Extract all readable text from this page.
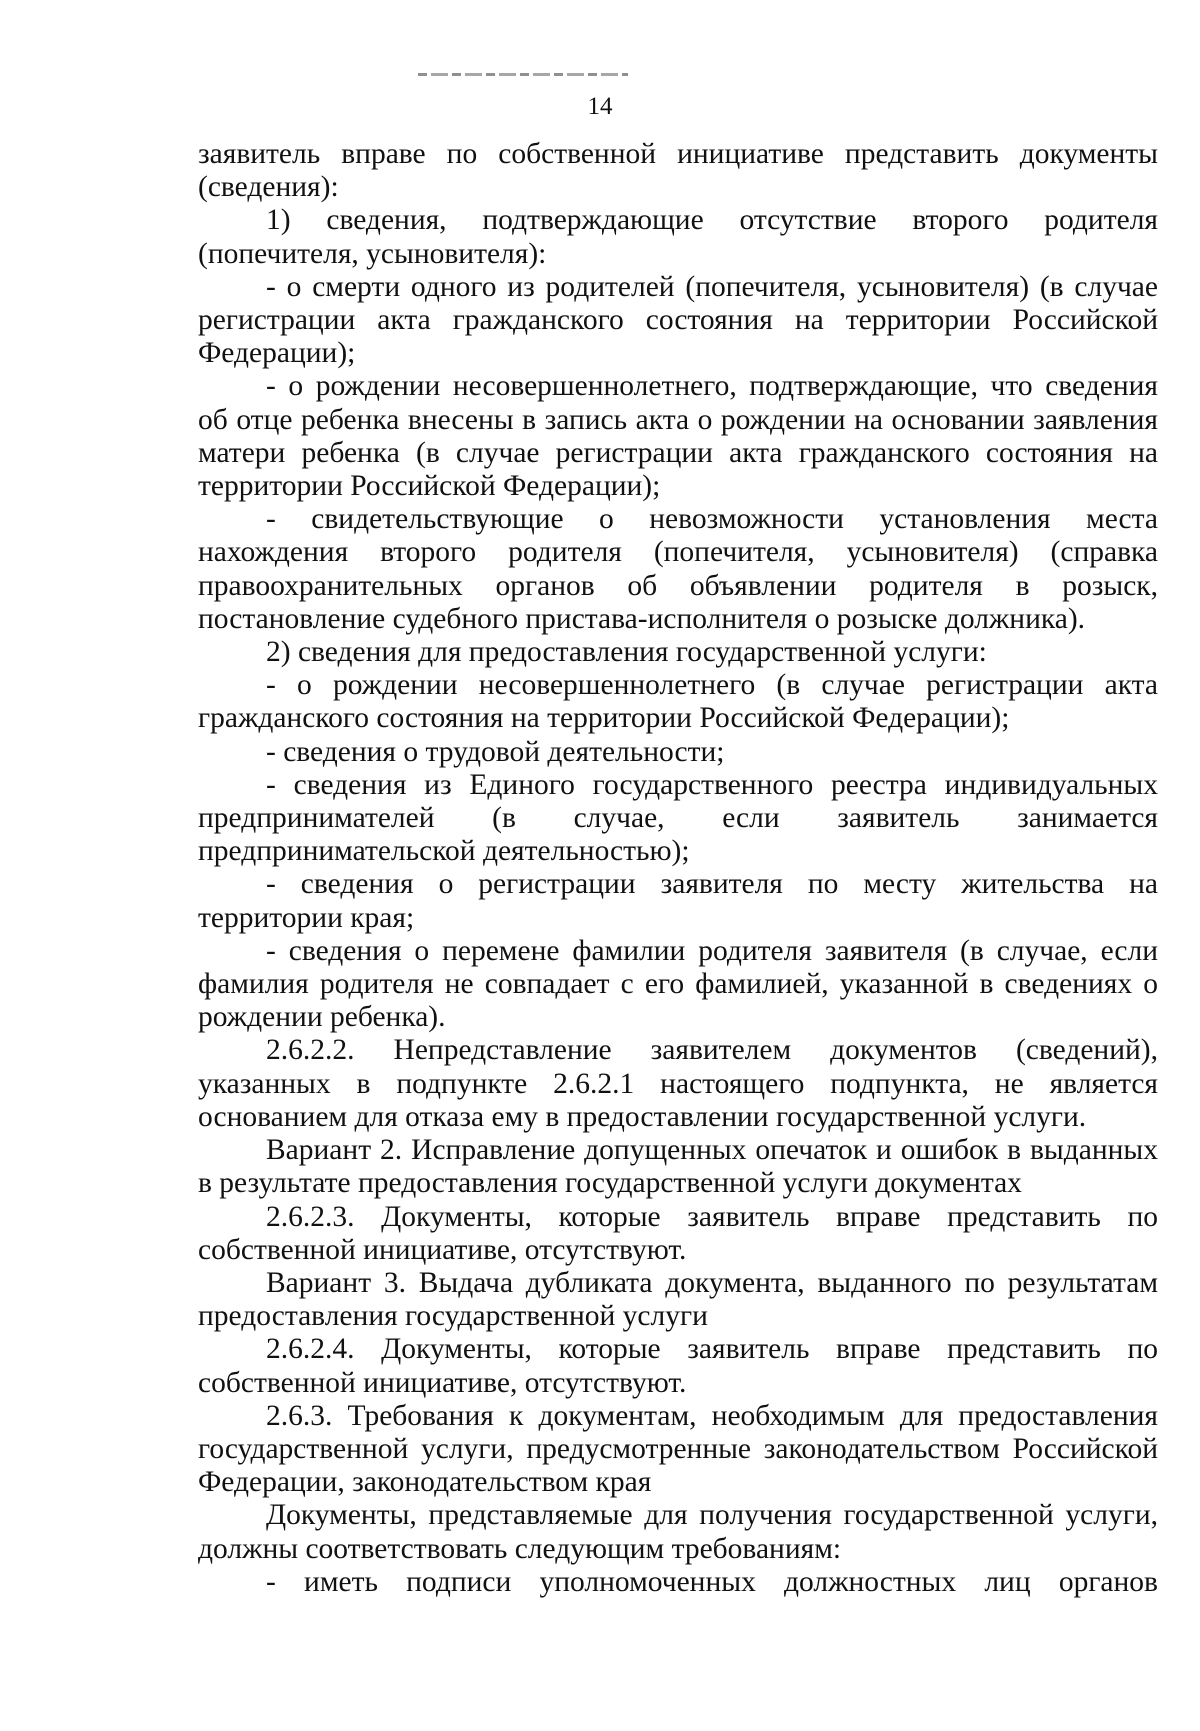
14

заявитель вправе по собственной инициативе представить документы (сведения):

1) сведения, подтверждающие отсутствие второго родителя (попечителя, усыновителя):

- о смерти одного из родителей (попечителя, усыновителя) (в случае регистрации акта гражданского состояния на территории Российской Федерации);

- о рождении несовершеннолетнего, подтверждающие, что сведения об отце ребенка внесены в запись акта о рождении на основании заявления матери ребенка (в случае регистрации акта гражданского состояния на территории Российской Федерации);

- свидетельствующие о невозможности установления места нахождения второго родителя (попечителя, усыновителя) (справка правоохранительных органов об объявлении родителя в розыск, постановление судебного пристава-исполнителя о розыске должника).

2) сведения для предоставления государственной услуги:

- о рождении несовершеннолетнего (в случае регистрации акта гражданского состояния на территории Российской Федерации);

- сведения о трудовой деятельности;

- сведения из Единого государственного реестра индивидуальных предпринимателей (в случае, если заявитель занимается предпринимательской деятельностью);

- сведения о регистрации заявителя по месту жительства на территории края;

- сведения о перемене фамилии родителя заявителя (в случае, если фамилия родителя не совпадает с его фамилией, указанной в сведениях о рождении ребенка).

2.6.2.2. Непредставление заявителем документов (сведений), указанных в подпункте 2.6.2.1 настоящего подпункта, не является основанием для отказа ему в предоставлении государственной услуги.

Вариант 2. Исправление допущенных опечаток и ошибок в выданных в результате предоставления государственной услуги документах

2.6.2.3. Документы, которые заявитель вправе представить по собственной инициативе, отсутствуют.

Вариант 3. Выдача дубликата документа, выданного по результатам предоставления государственной услуги

2.6.2.4. Документы, которые заявитель вправе представить по собственной инициативе, отсутствуют.

2.6.3. Требования к документам, необходимым для предоставления государственной услуги, предусмотренные законодательством Российской Федерации, законодательством края

Документы, представляемые для получения государственной услуги, должны соответствовать следующим требованиям:

- иметь подписи уполномоченных должностных лиц органов
